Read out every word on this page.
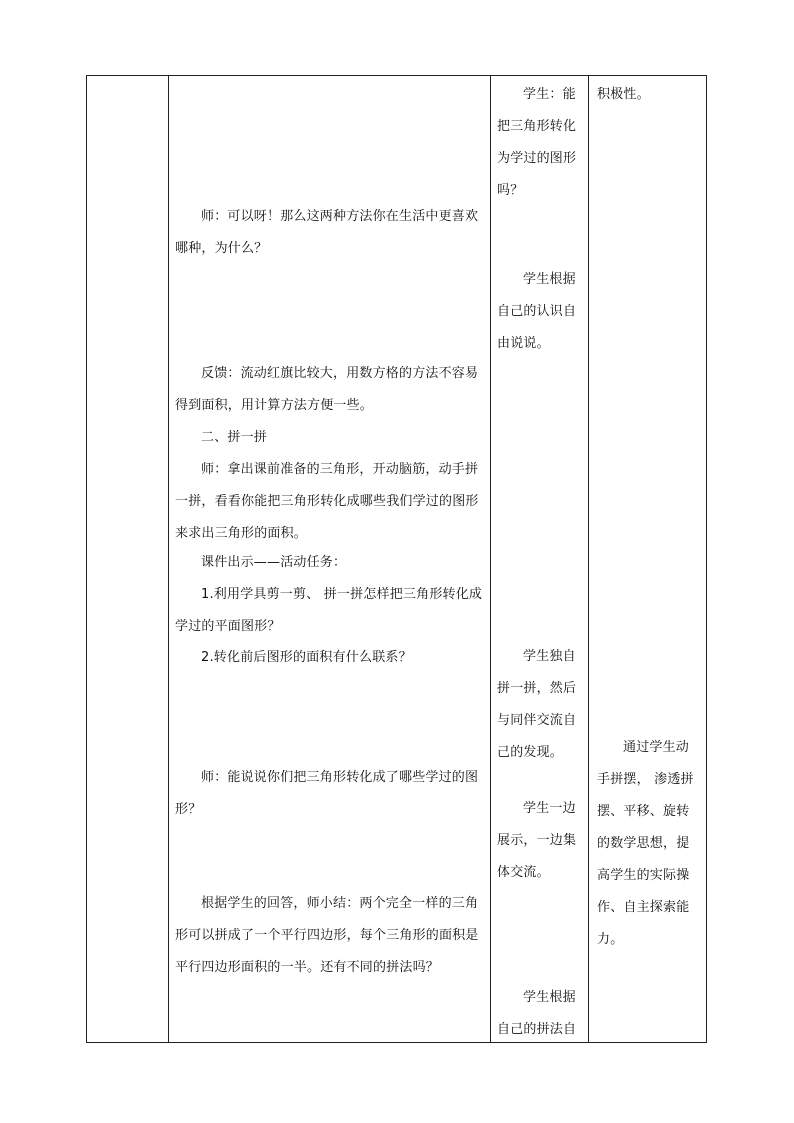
师：可以呀！那么这两种方法你在生活中更喜欢哪种，为什么？
反馈：流动红旗比较大，用数方格的方法不容易得到面积，用计算方法方便一些。
二、拼一拼
师：拿出课前准备的三角形，开动脑筋，动手拼一拼，看看你能把三角形转化成哪些我们学过的图形来求出三角形的面积。
课件出示——活动任务：
1.利用学具剪一剪、 拼一拼怎样把三角形转化成学过的平面图形？
2.转化前后图形的面积有什么联系？
师：能说说你们把三角形转化成了哪些学过的图形？
根据学生的回答，师小结：两个完全一样的三角形可以拼成了一个平行四边形，每个三角形的面积是平行四边形面积的一半。还有不同的拼法吗？
学生：能把三角形转化为学过的图形吗？
学生根据自己的认识自由说说。
学生独自拼一拼，然后与同伴交流自己的发现。
学生一边展示，一边集体交流。
学生根据自己的拼法自
积极性。
通过学生动手拼摆， 渗透拼摆、平移、旋转的数学思想，提高学生的实际操作、自主探索能力。
